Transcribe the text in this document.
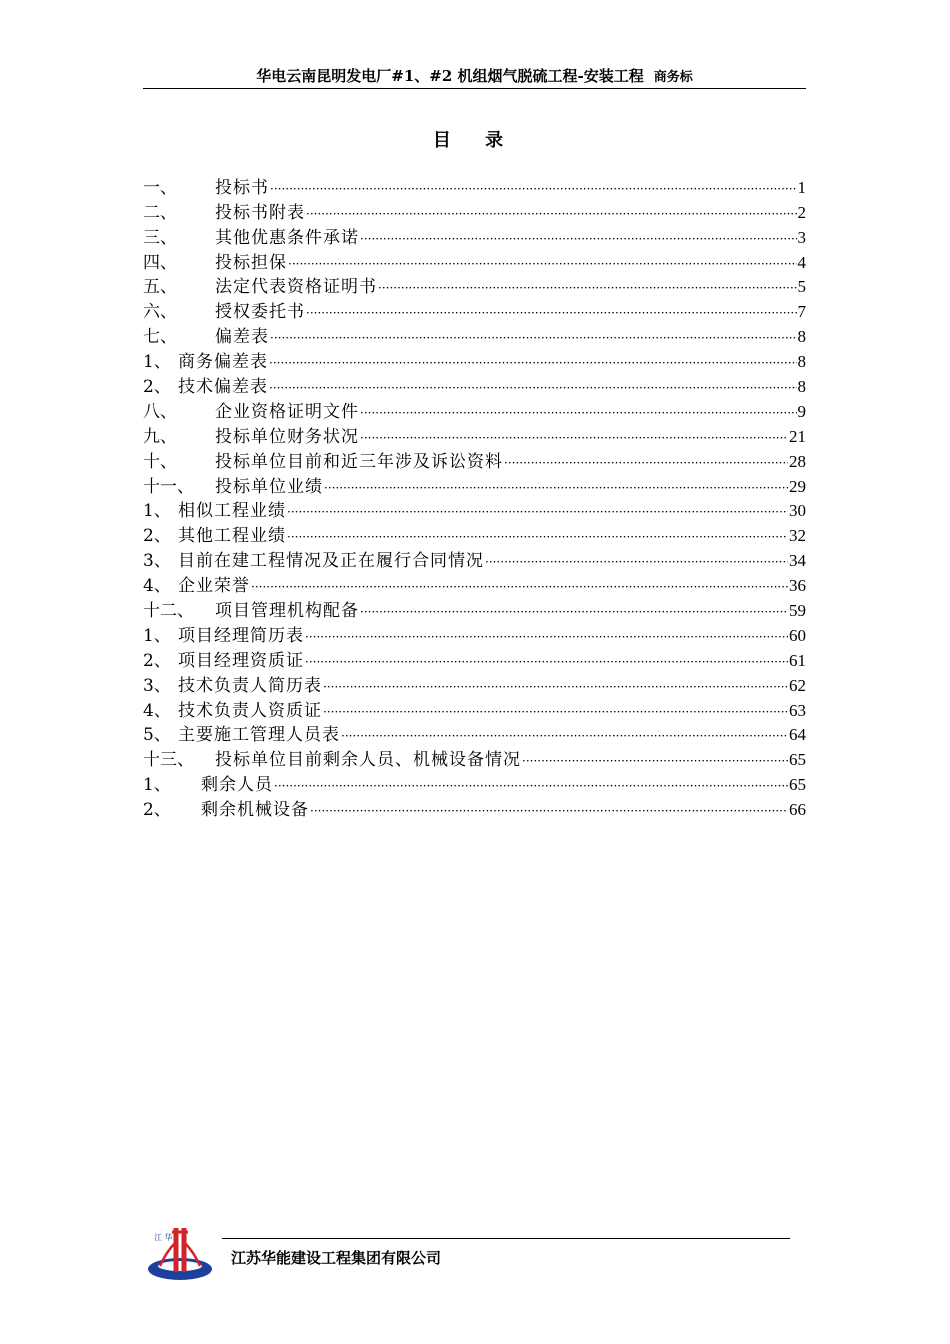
华电云南昆明发电厂#1、#2 机组烟气脱硫工程-安装工程 商务标
目 录
一、	投标书 ·····	1
二、	投标书附表 ·····	2
三、	其他优惠条件承诺 ·····	3
四、	投标担保 ·····	4
五、	法定代表资格证明书 ·····	5
六、	授权委托书 ·····	7
七、	偏差表 ·····	8
1、 商务偏差表 ·····	8
2、 技术偏差表 ·····	8
八、	企业资格证明文件 ·····	9
九、	投标单位财务状况 ·····	21
十、	投标单位目前和近三年涉及诉讼资料 ·····	28
十一、	投标单位业绩 ·····	29
1、 相似工程业绩 ·····	30
2、 其他工程业绩 ·····	32
3、 目前在建工程情况及正在履行合同情况 ·····	34
4、 企业荣誉 ·····	36
十二、	项目管理机构配备 ·····	59
1、 项目经理简历表 ·····	60
2、 项目经理资质证 ·····	61
3、 技术负责人简历表 ·····	62
4、 技术负责人资质证 ·····	63
5、 主要施工管理人员表 ·····	64
十三、	投标单位目前剩余人员、机械设备情况 ·····	65
1、	剩余人员 ·····	65
2、	剩余机械设备 ·····	66
江 华
江苏华能建设工程集团有限公司
